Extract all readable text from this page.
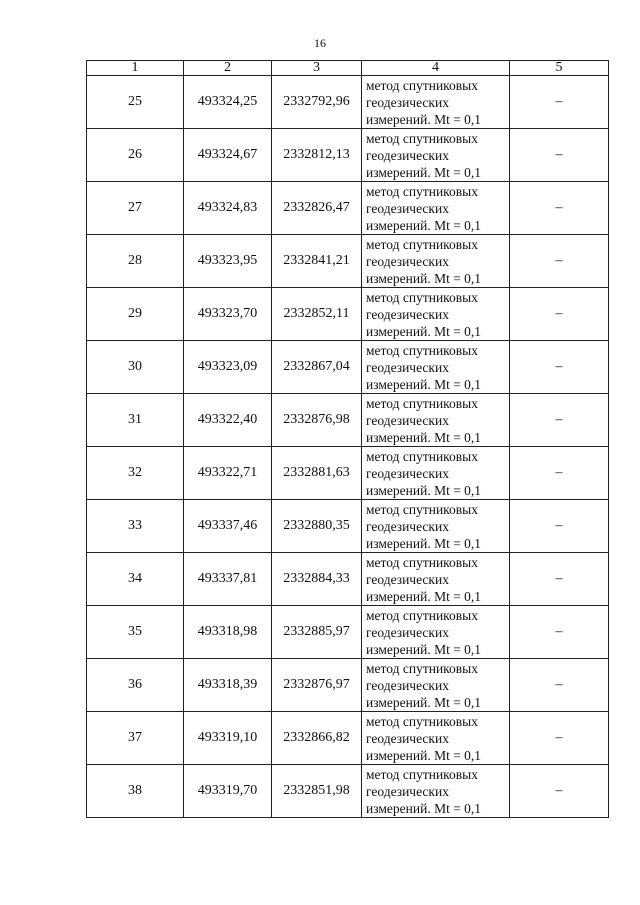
16
1	2	3	4	5
25	493324,25	2332792,96	метод спутниковых
геодезических
измерений. Mt = 0,1	–
26	493324,67	2332812,13	метод спутниковых
геодезических
измерений. Mt = 0,1	–
27	493324,83	2332826,47	метод спутниковых
геодезических
измерений. Mt = 0,1	–
28	493323,95	2332841,21	метод спутниковых
геодезических
измерений. Mt = 0,1	–
29	493323,70	2332852,11	метод спутниковых
геодезических
измерений. Mt = 0,1	–
30	493323,09	2332867,04	метод спутниковых
геодезических
измерений. Mt = 0,1	–
31	493322,40	2332876,98	метод спутниковых
геодезических
измерений. Mt = 0,1	–
32	493322,71	2332881,63	метод спутниковых
геодезических
измерений. Mt = 0,1	–
33	493337,46	2332880,35	метод спутниковых
геодезических
измерений. Mt = 0,1	–
34	493337,81	2332884,33	метод спутниковых
геодезических
измерений. Mt = 0,1	–
35	493318,98	2332885,97	метод спутниковых
геодезических
измерений. Mt = 0,1	–
36	493318,39	2332876,97	метод спутниковых
геодезических
измерений. Mt = 0,1	–
37	493319,10	2332866,82	метод спутниковых
геодезических
измерений. Mt = 0,1	–
38	493319,70	2332851,98	метод спутниковых
геодезических
измерений. Mt = 0,1	–
